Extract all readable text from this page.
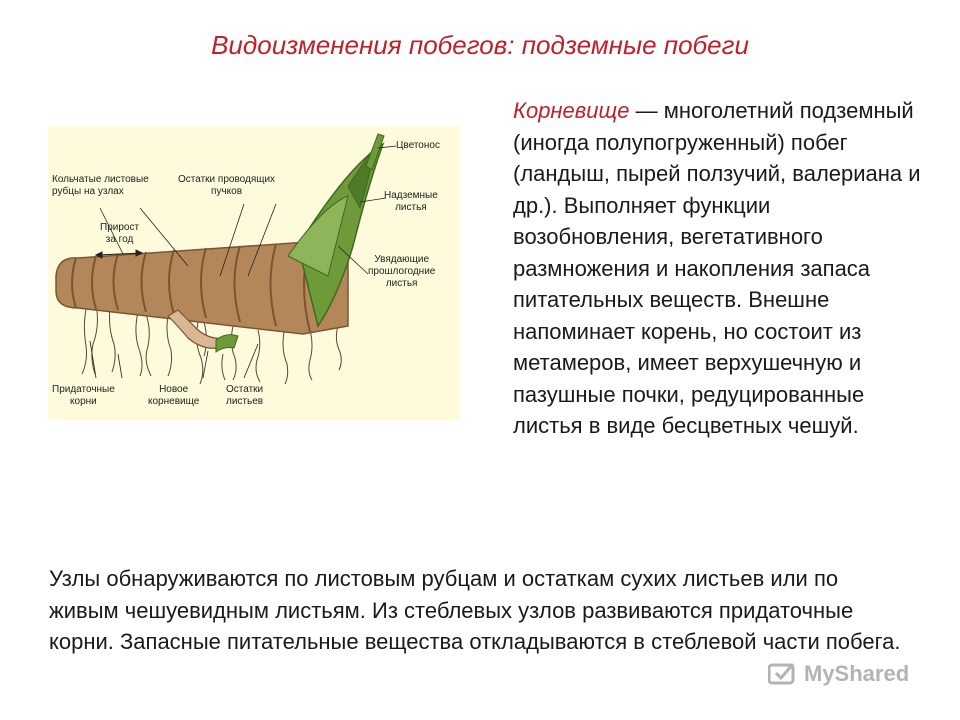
Видоизменения побегов: подземные побеги
Цветонос
Кольчатые листовые
рубцы на узлах
Остатки проводящих
пучков
Прирост
за год
Надземные
листья
Увядающие
прошлогодние
листья
Придаточные
корни
Новое
корневище
Остатки
листьев
Корневище — многолетний подземный (иногда полупогруженный) побег (ландыш, пырей ползучий, валериана и др.). Выполняет функции возобновления, вегетативного размножения и накопления запаса питательных веществ. Внешне напоминает корень, но состоит из метамеров, имеет верхушечную и пазушные почки, редуцированные листья в виде бесцветных чешуй.
Узлы обнаруживаются по листовым рубцам и остаткам сухих листьев или по живым чешуевидным листьям. Из стеблевых узлов развиваются придаточные корни. Запасные питательные вещества откладываются в стеблевой части побега.
MyShared
